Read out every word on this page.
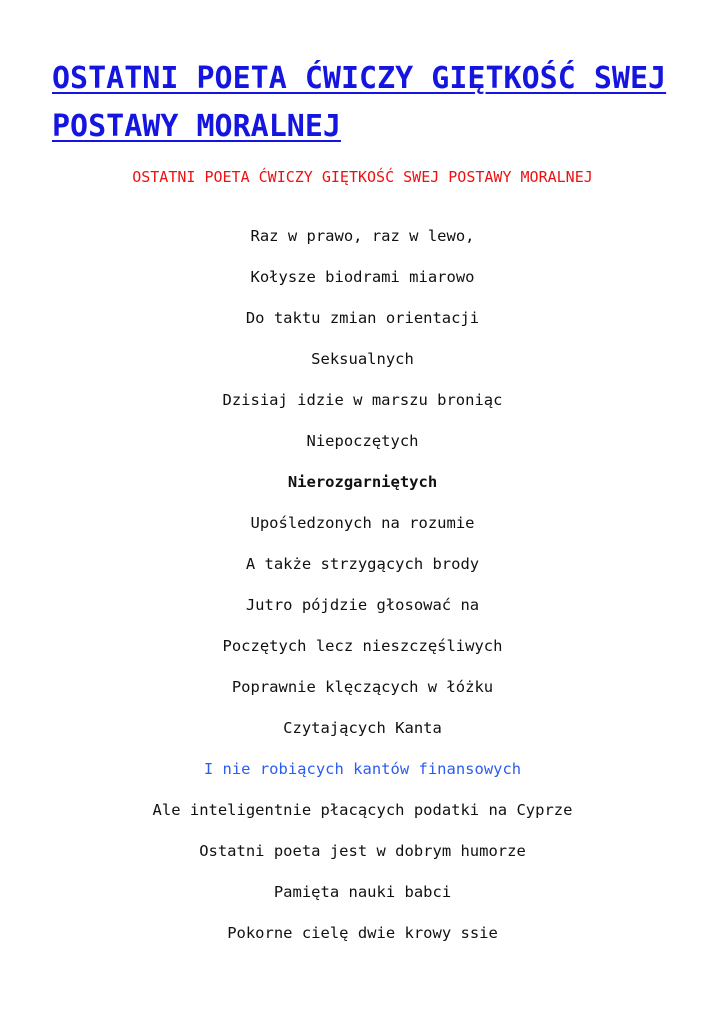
OSTATNI POETA ĆWICZY GIĘTKOŚĆ SWEJ POSTAWY MORALNEJ

OSTATNI POETA ĆWICZY GIĘTKOŚĆ SWEJ POSTAWY MORALNEJ

Raz w prawo, raz w lewo,
Kołysze biodrami miarowo
Do taktu zmian orientacji
Seksualnych
Dzisiaj idzie w marszu broniąc
Niepoczętych
Nierozgarniętych
Upośledzonych na rozumie
A także strzygących brody
Jutro pójdzie głosować na
Poczętych lecz nieszczęśliwych
Poprawnie klęczących w łóżku
Czytających Kanta
I nie robiących kantów finansowych
Ale inteligentnie płacących podatki na Cyprze
Ostatni poeta jest w dobrym humorze
Pamięta nauki babci
Pokorne cielę dwie krowy ssie
